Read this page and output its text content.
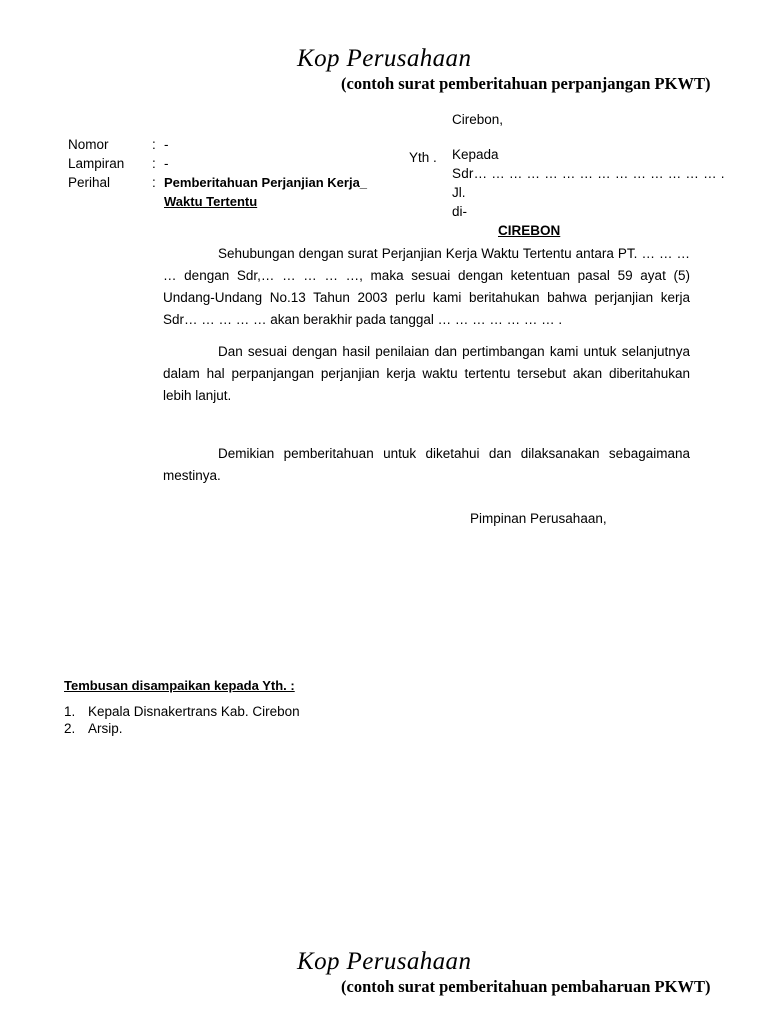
Kop Perusahaan
(contoh surat pemberitahuan perpanjangan PKWT)
Nomor	: -
Lampiran	: -
Perihal	: Pemberitahuan Perjanjian Kerja_
Waktu Tertentu
Yth .
Cirebon,
Kepada
Sdr… … … … … … … … … … … … … … .
Jl.
di-
CIREBON

Sehubungan dengan surat Perjanjian Kerja Waktu Tertentu antara PT. … … … … dengan Sdr,… … … … …, maka sesuai dengan ketentuan pasal 59 ayat (5) Undang-Undang No.13 Tahun 2003 perlu kami beritahukan bahwa perjanjian kerja Sdr… … … … … akan berakhir pada tanggal … … … … … … … .

Dan sesuai dengan hasil penilaian dan pertimbangan kami untuk selanjutnya dalam hal perpanjangan perjanjian kerja waktu tertentu tersebut akan diberitahukan lebih lanjut.

Demikian pemberitahuan untuk diketahui dan dilaksanakan sebagaimana mestinya.

Pimpinan Perusahaan,
Tembusan disampaikan kepada Yth. :
1. Kepala Disnakertrans Kab. Cirebon
2. Arsip.
Kop Perusahaan
(contoh surat pemberitahuan pembaharuan PKWT)
